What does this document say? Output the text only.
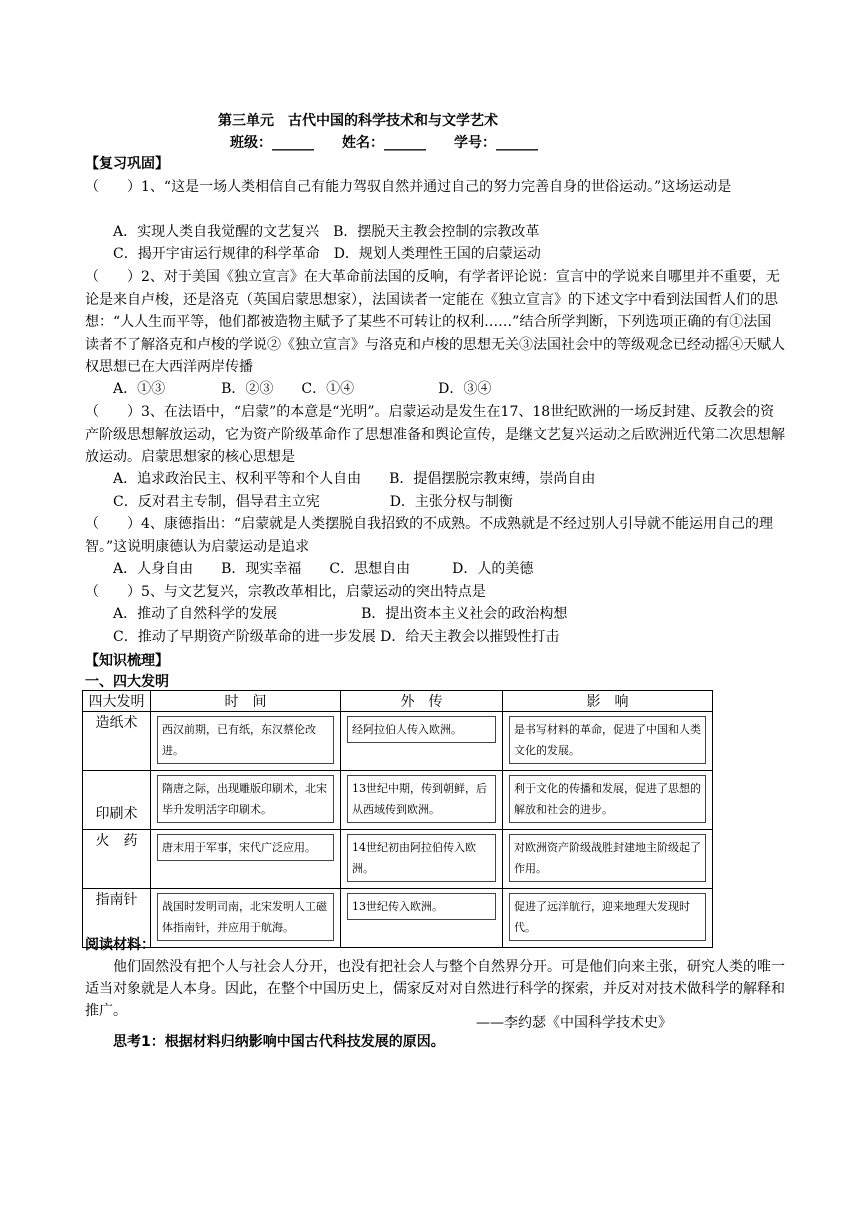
第三单元　古代中国的科学技术和与文学艺术
班级：______　　姓名：______　　学号：______
【复习巩固】
（　　）1、“这是一场人类相信自己有能力驾驭自然并通过自己的努力完善自身的世俗运动。”这场运动是
A．实现人类自我觉醒的文艺复兴　B．摆脱天主教会控制的宗教改革
C．揭开宇宙运行规律的科学革命　D．规划人类理性王国的启蒙运动
（　　）2、对于美国《独立宣言》在大革命前法国的反响，有学者评论说：宣言中的学说来自哪里并不重要，无论是来自卢梭，还是洛克（英国启蒙思想家），法国读者一定能在《独立宣言》的下述文字中看到法国哲人们的思想：“人人生而平等，他们都被造物主赋予了某些不可转让的权利……”结合所学判断，下列选项正确的有①法国读者不了解洛克和卢梭的学说②《独立宣言》与洛克和卢梭的思想无关③法国社会中的等级观念已经动摇④天赋人权思想已在大西洋两岸传播
A．①③　　　　B．②③　　C．①④　　　　　　D．③④
（　　）3、在法语中，“启蒙”的本意是“光明”。启蒙运动是发生在17、18世纪欧洲的一场反封建、反教会的资产阶级思想解放运动，它为资产阶级革命作了思想准备和舆论宣传，是继文艺复兴运动之后欧洲近代第二次思想解放运动。启蒙思想家的核心思想是
A．追求政治民主、权利平等和个人自由　　B．提倡摆脱宗教束缚，崇尚自由
C．反对君主专制，倡导君主立宪　　　　　D．主张分权与制衡
（　　）4、康德指出：“启蒙就是人类摆脱自我招致的不成熟。不成熟就是不经过别人引导就不能运用自己的理智。”这说明康德认为启蒙运动是追求
A．人身自由　　B．现实幸福　　C．思想自由　　　D．人的美德
（　　）5、与文艺复兴，宗教改革相比，启蒙运动的突出特点是
A．推动了自然科学的发展　　　　　　B．提出资本主义社会的政治构想
C．推动了早期资产阶级革命的进一步发展 D．给天主教会以摧毁性打击
【知识梳理】
一、四大发明
四大发明	时　间	外　传	影　响
造纸术	西汉前期，已有纸，东汉蔡伦改进。	经阿拉伯人传入欧洲。	是书写材料的革命，促进了中国和人类文化的发展。

印刷术	隋唐之际，出现雕版印刷术，北宋毕升发明活字印刷术。	13世纪中期，传到朝鲜，后从西域传到欧洲。	利于文化的传播和发展，促进了思想的解放和社会的进步。

火　药	唐末用于军事，宋代广泛应用。	14世纪初由阿拉伯传入欧洲。	对欧洲资产阶级战胜封建地主阶级起了作用。

指南针	战国时发明司南，北宋发明人工磁体指南针，并应用于航海。	13世纪传入欧洲。	促进了远洋航行，迎来地理大发现时代。
阅读材料：
他们固然没有把个人与社会人分开，也没有把社会人与整个自然界分开。可是他们向来主张，研究人类的唯一适当对象就是人本身。因此，在整个中国历史上，儒家反对对自然进行科学的探索，并反对对技术做科学的解释和推广。
——李约瑟《中国科学技术史》
思考1：根据材料归纳影响中国古代科技发展的原因。
